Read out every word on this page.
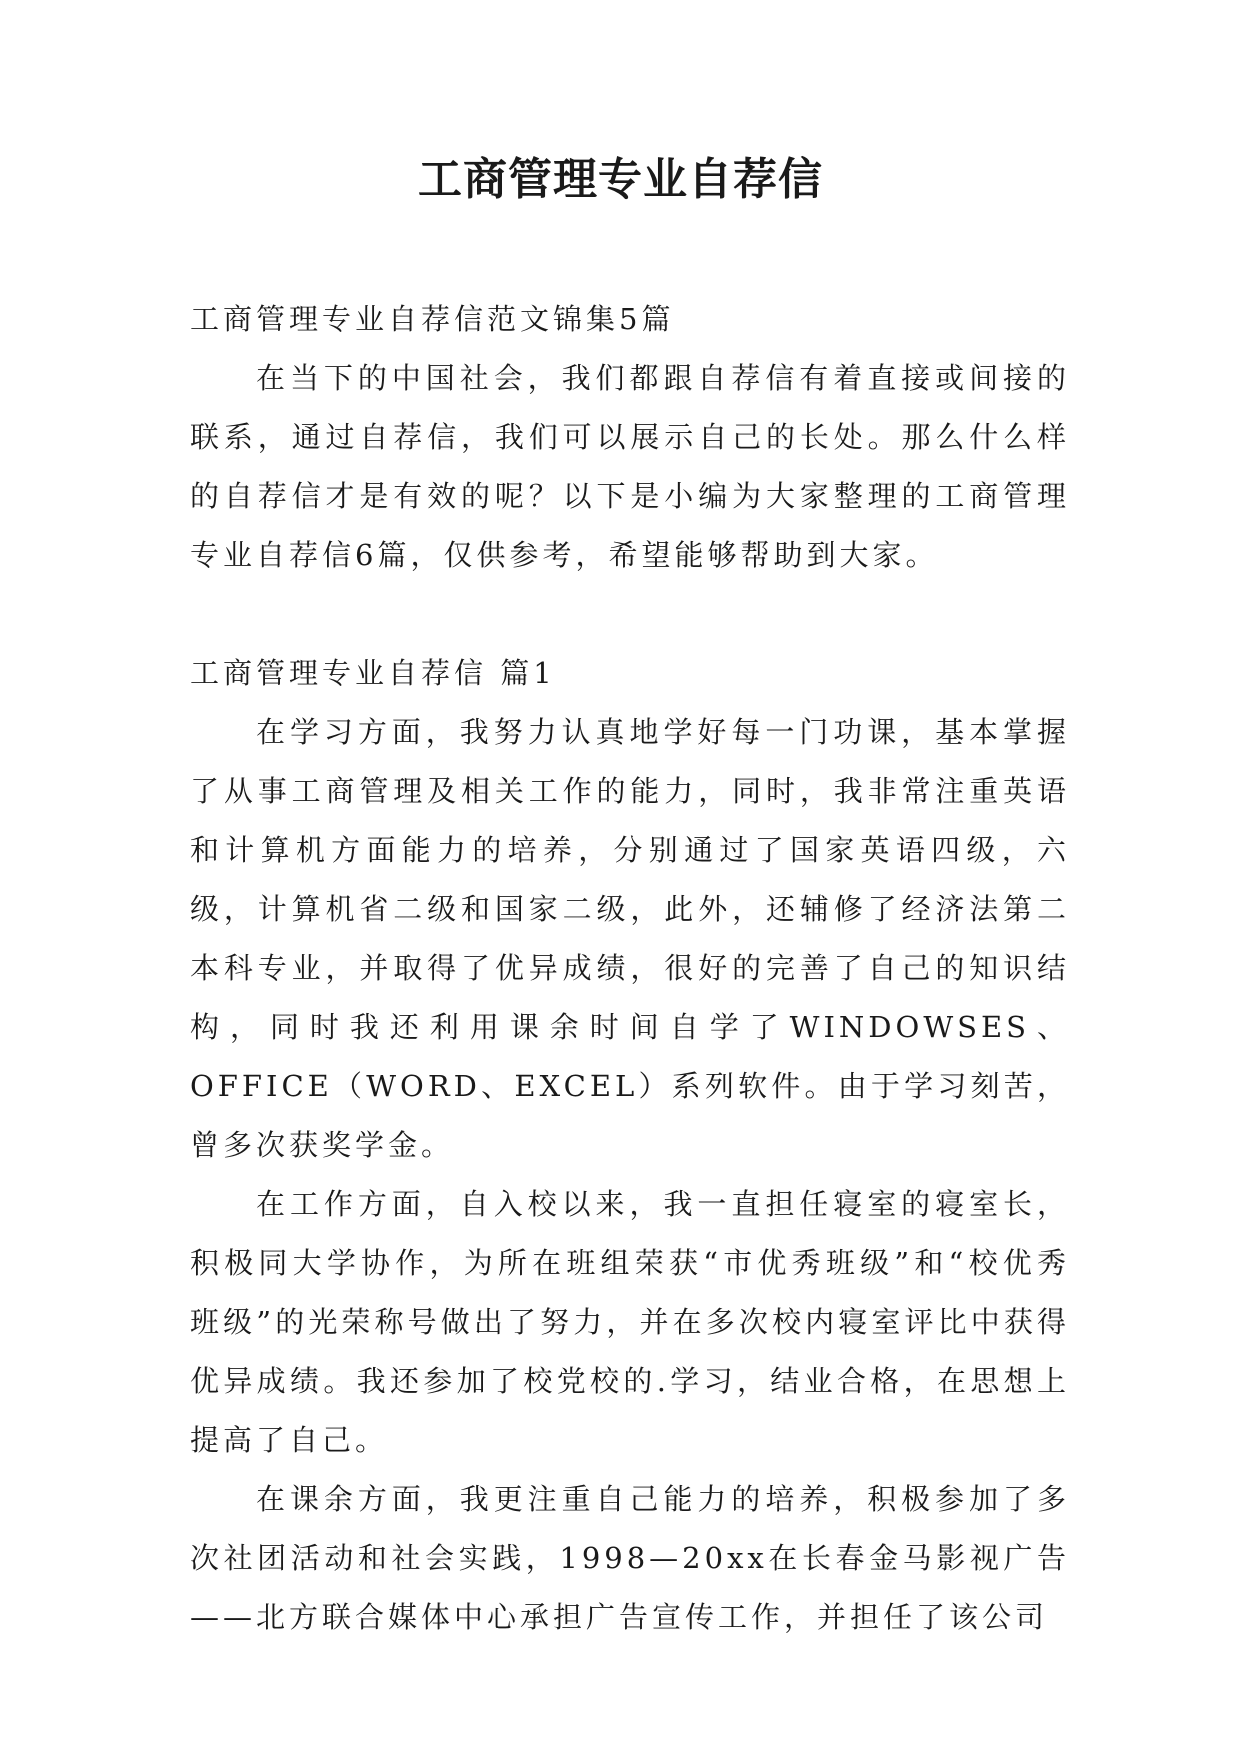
工商管理专业自荐信

工商管理专业自荐信范文锦集5篇

在当下的中国社会，我们都跟自荐信有着直接或间接的联系，通过自荐信，我们可以展示自己的长处。那么什么样的自荐信才是有效的呢？以下是小编为大家整理的工商管理专业自荐信6篇，仅供参考，希望能够帮助到大家。

工商管理专业自荐信 篇1

在学习方面，我努力认真地学好每一门功课，基本掌握了从事工商管理及相关工作的能力，同时，我非常注重英语和计算机方面能力的培养，分别通过了国家英语四级，六级，计算机省二级和国家二级，此外，还辅修了经济法第二本科专业，并取得了优异成绩，很好的完善了自己的知识结构，同时我还利用课余时间自学了WINDOWSES、OFFICE（WORD、EXCEL）系列软件。由于学习刻苦，曾多次获奖学金。

在工作方面，自入校以来，我一直担任寝室的寝室长，积极同大学协作，为所在班组荣获“市优秀班级”和“校优秀班级”的光荣称号做出了努力，并在多次校内寝室评比中获得优异成绩。我还参加了校党校的.学习，结业合格，在思想上提高了自己。

在课余方面，我更注重自己能力的培养，积极参加了多次社团活动和社会实践，1998—20xx在长春金马影视广告——北方联合媒体中心承担广告宣传工作，并担任了该公司
